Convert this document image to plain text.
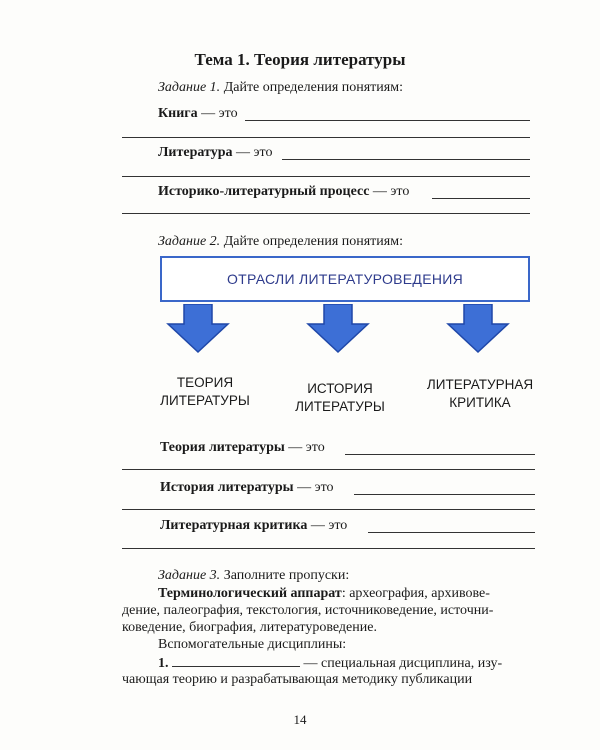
Тема 1. Теория литературы
Задание 1. Дайте определения понятиям:
Книга — это
Литература — это
Историко-литературный процесс — это
Задание 2. Дайте определения понятиям:
ОТРАСЛИ ЛИТЕРАТУРОВЕДЕНИЯ
ТЕОРИЯ
ЛИТЕРАТУРЫ
ИСТОРИЯ
ЛИТЕРАТУРЫ
ЛИТЕРАТУРНАЯ
КРИТИКА
Теория литературы — это
История литературы — это
Литературная критика — это
Задание 3. Заполните пропуски:
Терминологический аппарат: археография, архивове-
дение, палеография, текстология, источниковедение, источни-
коведение, биография, литературоведение.
Вспомогательные дисциплины:
1.	— специальная дисциплина, изу-
чающая теорию и разрабатывающая методику публикации
14
